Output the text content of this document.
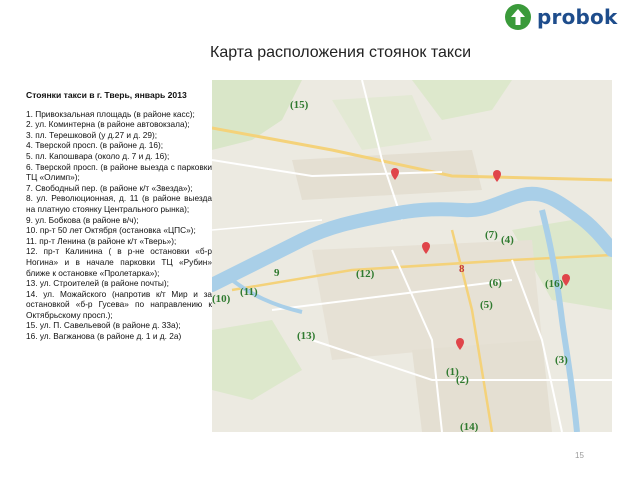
probok
Карта расположения стоянок такси
Стоянки такси в г. Тверь, январь 2013
1. Привокзальная площадь (в районе касс);
2. ул. Коминтерна (в районе автовокзала);
3. пл. Терешковой (у д.27 и д. 29);
4. Тверской просп. (в районе д. 16);
5. пл. Капошвара (около д. 7 и д. 16);
6. Тверской просп. (в районе выезда с парковки ТЦ «Олимп»);
7. Свободный пер. (в районе к/т «Звезда»);
8. ул. Революционная, д. 11 (в районе выезда на платную стоянку Центрального рынка);
9. ул. Бобкова (в районе в/ч);
10. пр-т 50 лет Октября (остановка «ЦПС»);
11. пр-т Ленина (в районе к/т «Тверь»);
12. пр-т Калинина ( в р-не остановки «б-р Ногина» и в начале парковки ТЦ «Рубин» ближе к остановке «Пролетарка»);
13. ул. Строителей (в районе почты);
14. ул. Можайского (напротив к/т Мир и за остановкой «б-р Гусева» по направлению к Октябрьскому просп.);
15. ул. П. Савельевой (в районе д. 33а);
16. ул. Вагжанова (в районе д. 1 и д. 2а)
(15)
(7) (4)
8
9	(12)
(6)	(16)
(10)
(11)
(5)
(13)
(1)
(2)
(3)
(14)
15
